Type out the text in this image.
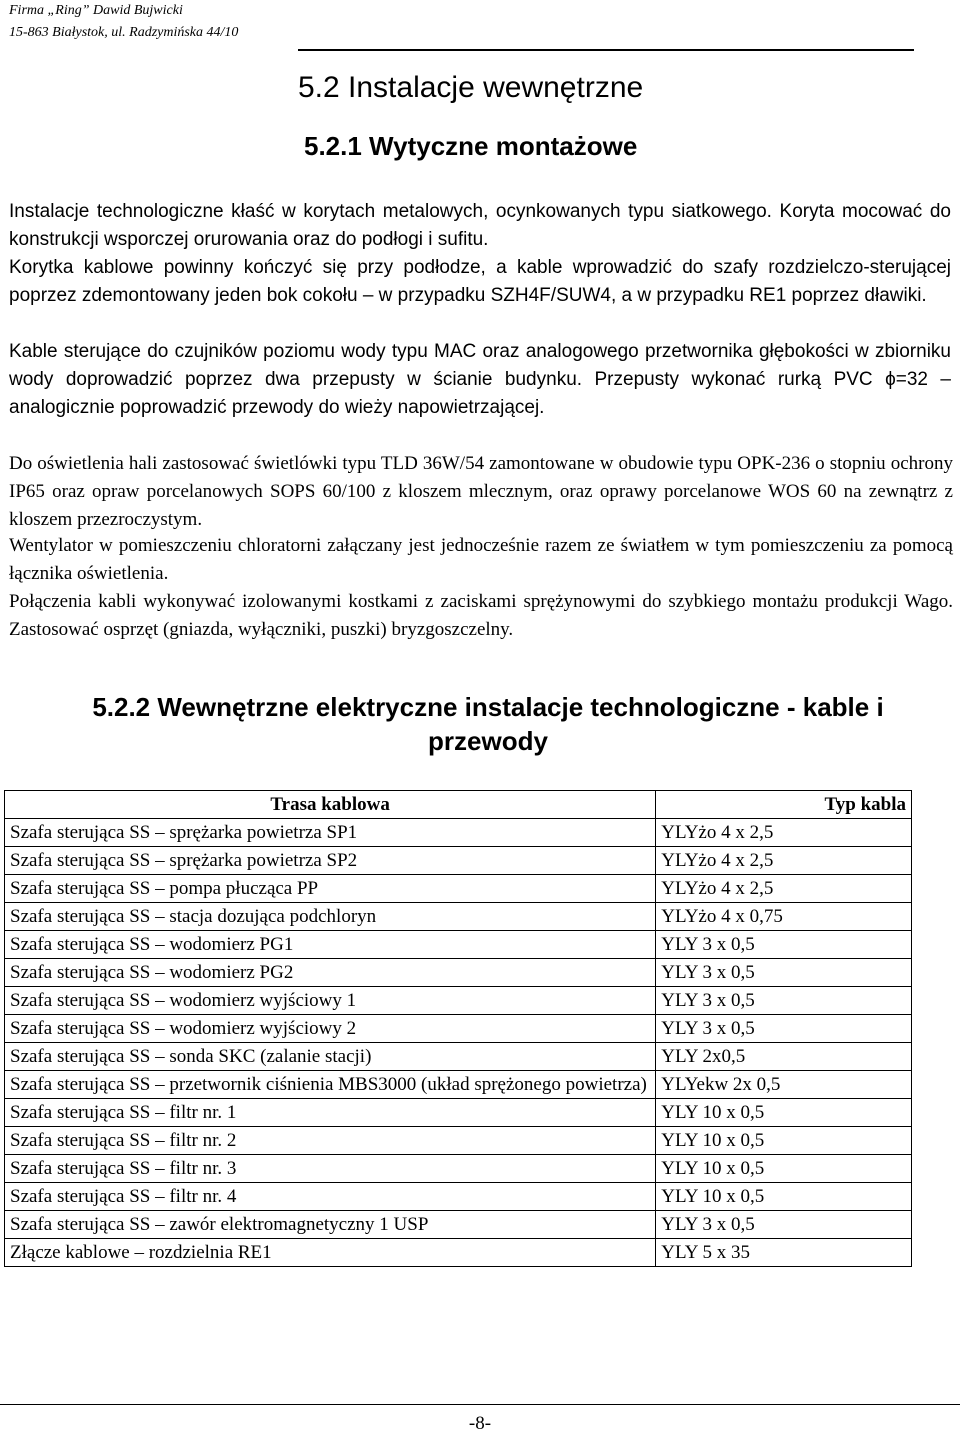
Firma „Ring” Dawid Bujwicki
15-863 Białystok, ul. Radzymińska 44/10
5.2 Instalacje wewnętrzne
5.2.1 Wytyczne montażowe

Instalacje technologiczne kłaść w korytach metalowych, ocynkowanych typu siatkowego. Koryta mocować do konstrukcji wsporczej orurowania oraz do podłogi i sufitu.

Korytka kablowe powinny kończyć się przy podłodze, a kable wprowadzić do szafy rozdzielczo-sterującej poprzez zdemontowany jeden bok cokołu – w przypadku SZH4F/SUW4, a w przypadku RE1 poprzez dławiki.

Kable sterujące do czujników poziomu wody typu MAC oraz analogowego przetwornika głębokości w zbiorniku wody doprowadzić poprzez dwa przepusty w ścianie budynku. Przepusty wykonać rurką PVC ϕ=32 – analogicznie poprowadzić przewody do wieży napowietrzającej.

Do oświetlenia hali zastosować świetlówki typu TLD 36W/54 zamontowane w obudowie typu OPK-236 o stopniu ochrony IP65 oraz opraw porcelanowych SOPS 60/100 z kloszem mlecznym, oraz oprawy porcelanowe WOS 60 na zewnątrz z kloszem przezroczystym.

Wentylator w pomieszczeniu chloratorni załączany jest jednocześnie razem ze światłem w tym pomieszczeniu za pomocą łącznika oświetlenia.

Połączenia kabli wykonywać izolowanymi kostkami z zaciskami sprężynowymi do szybkiego montażu produkcji Wago. Zastosować osprzęt (gniazda, wyłączniki, puszki) bryzgoszczelny.

5.2.2 Wewnętrzne elektryczne instalacje technologiczne - kable i przewody
Trasa kablowa	Typ kabla
Szafa sterująca SS – sprężarka powietrza SP1	YLYżo 4 x 2,5
Szafa sterująca SS – sprężarka powietrza SP2	YLYżo 4 x 2,5
Szafa sterująca SS – pompa płucząca PP	YLYżo 4 x 2,5
Szafa sterująca SS – stacja dozująca podchloryn	YLYżo 4 x 0,75
Szafa sterująca SS – wodomierz PG1	YLY 3 x 0,5
Szafa sterująca SS – wodomierz PG2	YLY 3 x 0,5
Szafa sterująca SS – wodomierz wyjściowy 1	YLY 3 x 0,5
Szafa sterująca SS – wodomierz wyjściowy 2	YLY 3 x 0,5
Szafa sterująca SS – sonda SKC (zalanie stacji)	YLY 2x0,5
Szafa sterująca SS – przetwornik ciśnienia MBS3000 (układ sprężonego powietrza)	YLYekw 2x 0,5
Szafa sterująca SS – filtr nr. 1	YLY 10 x 0,5
Szafa sterująca SS – filtr nr. 2	YLY 10 x 0,5
Szafa sterująca SS – filtr nr. 3	YLY 10 x 0,5
Szafa sterująca SS – filtr nr. 4	YLY 10 x 0,5
Szafa sterująca SS – zawór elektromagnetyczny 1 USP	YLY 3 x 0,5
Złącze kablowe – rozdzielnia RE1	YLY 5 x 35
-8-
